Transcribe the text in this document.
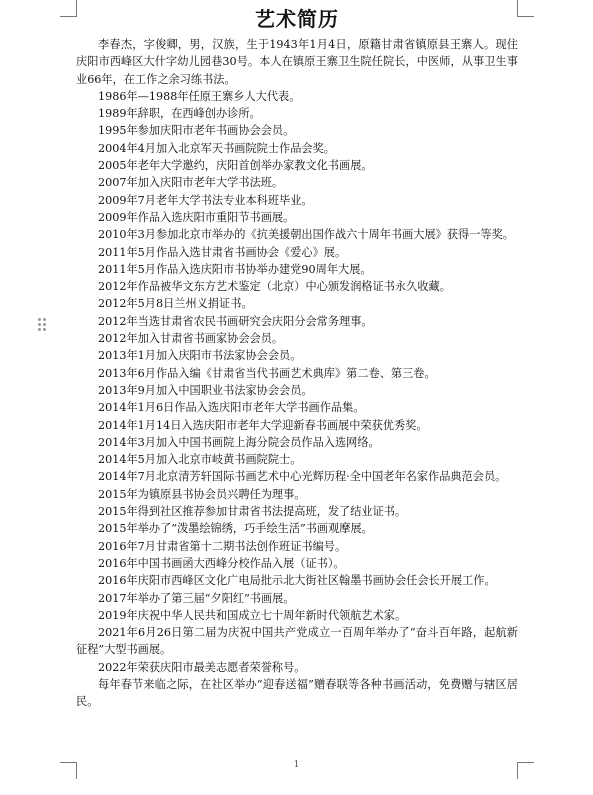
艺术简历

李春杰，字俊卿，男，汉族，生于1943年1月4日，原籍甘肃省镇原县王寨人。现住庆阳市西峰区大什字幼儿园巷30号。本人在镇原王寨卫生院任院长，中医师，从事卫生事业66年，在工作之余习练书法。

1986年—1988年任原王寨乡人大代表。

1989年辞职，在西峰创办诊所。

1995年参加庆阳市老年书画协会会员。

2004年4月加入北京军天书画院院士作品会奖。

2005年老年大学邀约，庆阳首创举办家教文化书画展。

2007年加入庆阳市老年大学书法班。

2009年7月老年大学书法专业本科班毕业。

2009年作品入选庆阳市重阳节书画展。

2010年3月参加北京市举办的《抗美援朝出国作战六十周年书画大展》获得一等奖。

2011年5月作品入选甘肃省书画协会《爱心》展。

2011年5月作品入选庆阳市书协举办建党90周年大展。

2012年作品被华文东方艺术鉴定（北京）中心颁发润格证书永久收藏。

2012年5月8日兰州义捐证书。

2012年当选甘肃省农民书画研究会庆阳分会常务理事。

2012年加入甘肃省书画家协会会员。

2013年1月加入庆阳市书法家协会会员。

2013年6月作品入编《甘肃省当代书画艺术典库》第二卷、第三卷。

2013年9月加入中国职业书法家协会会员。

2014年1月6日作品入选庆阳市老年大学书画作品集。

2014年1月14日入选庆阳市老年大学迎新春书画展中荣获优秀奖。

2014年3月加入中国书画院上海分院会员作品入选网络。

2014年5月加入北京市岐黄书画院院士。

2014年7月北京清芳轩国际书画艺术中心光辉历程·全中国老年名家作品典范会员。

2015年为镇原县书协会员兴聘任为理事。

2015年得到社区推荐参加甘肃省书法提高班，发了结业证书。

2015年举办了“泼墨绘锦绣，巧手绘生活”书画观摩展。

2016年7月甘肃省第十二期书法创作班证书编号。

2016年中国书画函大西峰分校作品入展（证书）。

2016年庆阳市西峰区文化广电局批示北大街社区翰墨书画协会任会长开展工作。

2017年举办了第三届“夕阳红”书画展。

2019年庆祝中华人民共和国成立七十周年新时代领航艺术家。

2021年6月26日第二届为庆祝中国共产党成立一百周年举办了“奋斗百年路，起航新征程”大型书画展。

2022年荣获庆阳市最美志愿者荣誉称号。

每年春节来临之际，在社区举办“迎春送福”赠春联等各种书画活动，免费赠与辖区居民。

1
